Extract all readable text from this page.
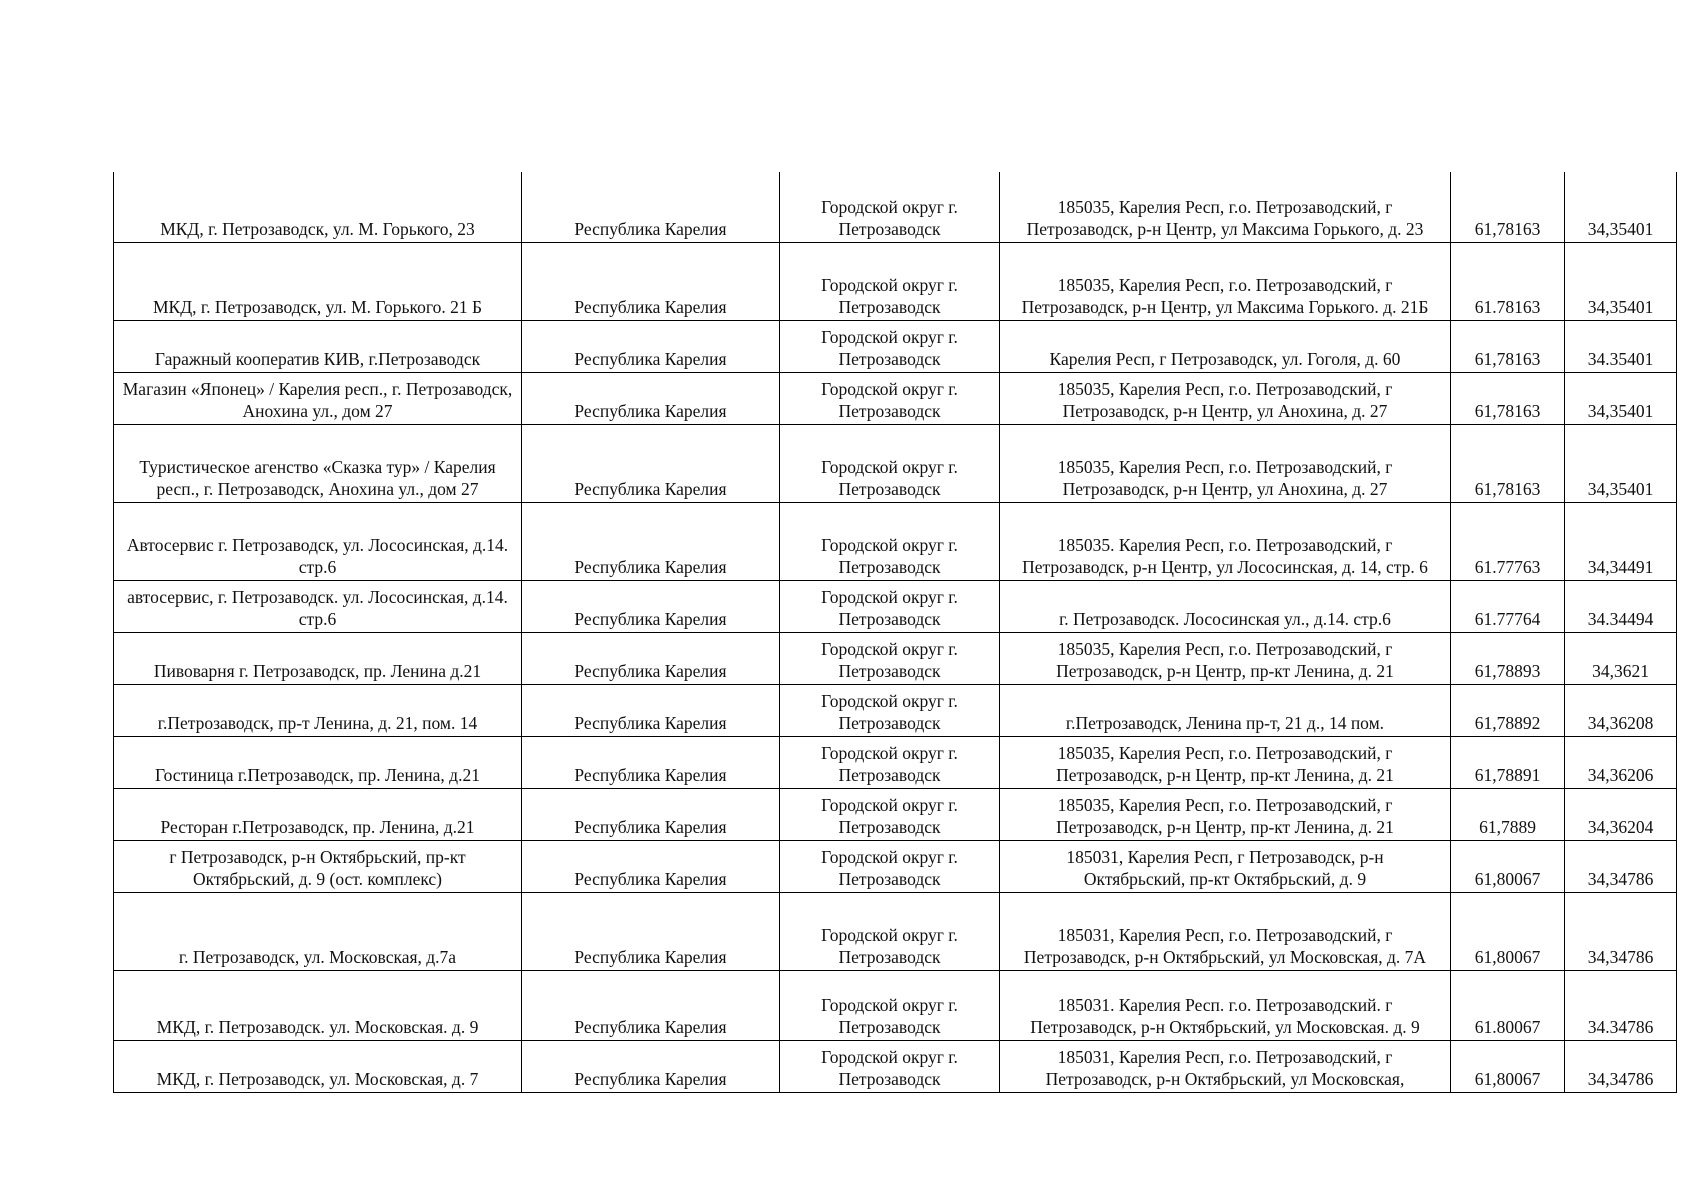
МКД, г. Петрозаводск, ул. М. Горького, 23	Республика Карелия	Городской округ г. Петрозаводск	185035, Карелия Респ, г.о. Петрозаводский, г Петрозаводск, р-н Центр, ул Максима Горького, д. 23	61,78163	34,35401
МКД, г. Петрозаводск, ул. М. Горького. 21 Б	Республика Карелия	Городской округ г. Петрозаводск	185035, Карелия Респ, г.о. Петрозаводский, г Петрозаводск, р-н Центр, ул Максима Горького. д. 21Б	61.78163	34,35401
Гаражный кооператив КИВ, г.Петрозаводск	Республика Карелия	Городской округ г. Петрозаводск	Карелия Респ, г Петрозаводск, ул. Гоголя, д. 60	61,78163	34.35401
Магазин «Японец» / Карелия респ., г. Петрозаводск, Анохина ул., дом 27	Республика Карелия	Городской округ г. Петрозаводск	185035, Карелия Респ, г.о. Петрозаводский, г Петрозаводск, р-н Центр, ул Анохина, д. 27	61,78163	34,35401
Туристическое агенство «Сказка тур» / Карелия респ., г. Петрозаводск, Анохина ул., дом 27	Республика Карелия	Городской округ г. Петрозаводск	185035, Карелия Респ, г.о. Петрозаводский, г Петрозаводск, р-н Центр, ул Анохина, д. 27	61,78163	34,35401
Автосервис г. Петрозаводск, ул. Лососинская, д.14. стр.6	Республика Карелия	Городской округ г. Петрозаводск	185035. Карелия Респ, г.о. Петрозаводский, г Петрозаводск, р-н Центр, ул Лососинская, д. 14, стр. 6	61.77763	34,34491
автосервис, г. Петрозаводск. ул. Лососинская, д.14. стр.6	Республика Карелия	Городской округ г. Петрозаводск	г. Петрозаводск. Лососинская ул., д.14. стр.6	61.77764	34.34494
Пивоварня г. Петрозаводск, пр. Ленина д.21	Республика Карелия	Городской округ г. Петрозаводск	185035, Карелия Респ, г.о. Петрозаводский, г Петрозаводск, р-н Центр, пр-кт Ленина, д. 21	61,78893	34,3621
г.Петрозаводск, пр-т Ленина, д. 21, пом. 14	Республика Карелия	Городской округ г. Петрозаводск	г.Петрозаводск, Ленина пр-т, 21 д., 14 пом.	61,78892	34,36208
Гостиница г.Петрозаводск, пр. Ленина, д.21	Республика Карелия	Городской округ г. Петрозаводск	185035, Карелия Респ, г.о. Петрозаводский, г Петрозаводск, р-н Центр, пр-кт Ленина, д. 21	61,78891	34,36206
Ресторан г.Петрозаводск, пр. Ленина, д.21	Республика Карелия	Городской округ г. Петрозаводск	185035, Карелия Респ, г.о. Петрозаводский, г Петрозаводск, р-н Центр, пр-кт Ленина, д. 21	61,7889	34,36204
г Петрозаводск, р-н Октябрьский, пр-кт Октябрьский, д. 9 (ост. комплекс)	Республика Карелия	Городской округ г. Петрозаводск	185031, Карелия Респ, г Петрозаводск, р-н Октябрьский, пр-кт Октябрьский, д. 9	61,80067	34,34786
г. Петрозаводск, ул. Московская, д.7а	Республика Карелия	Городской округ г. Петрозаводск	185031, Карелия Респ, г.о. Петрозаводский, г Петрозаводск, р-н Октябрьский, ул Московская, д. 7А	61,80067	34,34786
МКД, г. Петрозаводск. ул. Московская. д. 9	Республика Карелия	Городской округ г. Петрозаводск	185031. Карелия Респ. г.о. Петрозаводский. г Петрозаводск, р-н Октябрьский, ул Московская. д. 9	61.80067	34.34786
МКД, г. Петрозаводск, ул. Московская, д. 7	Республика Карелия	Городской округ г. Петрозаводск	185031, Карелия Респ, г.о. Петрозаводский, г Петрозаводск, р-н Октябрьский, ул Московская,	61,80067	34,34786
